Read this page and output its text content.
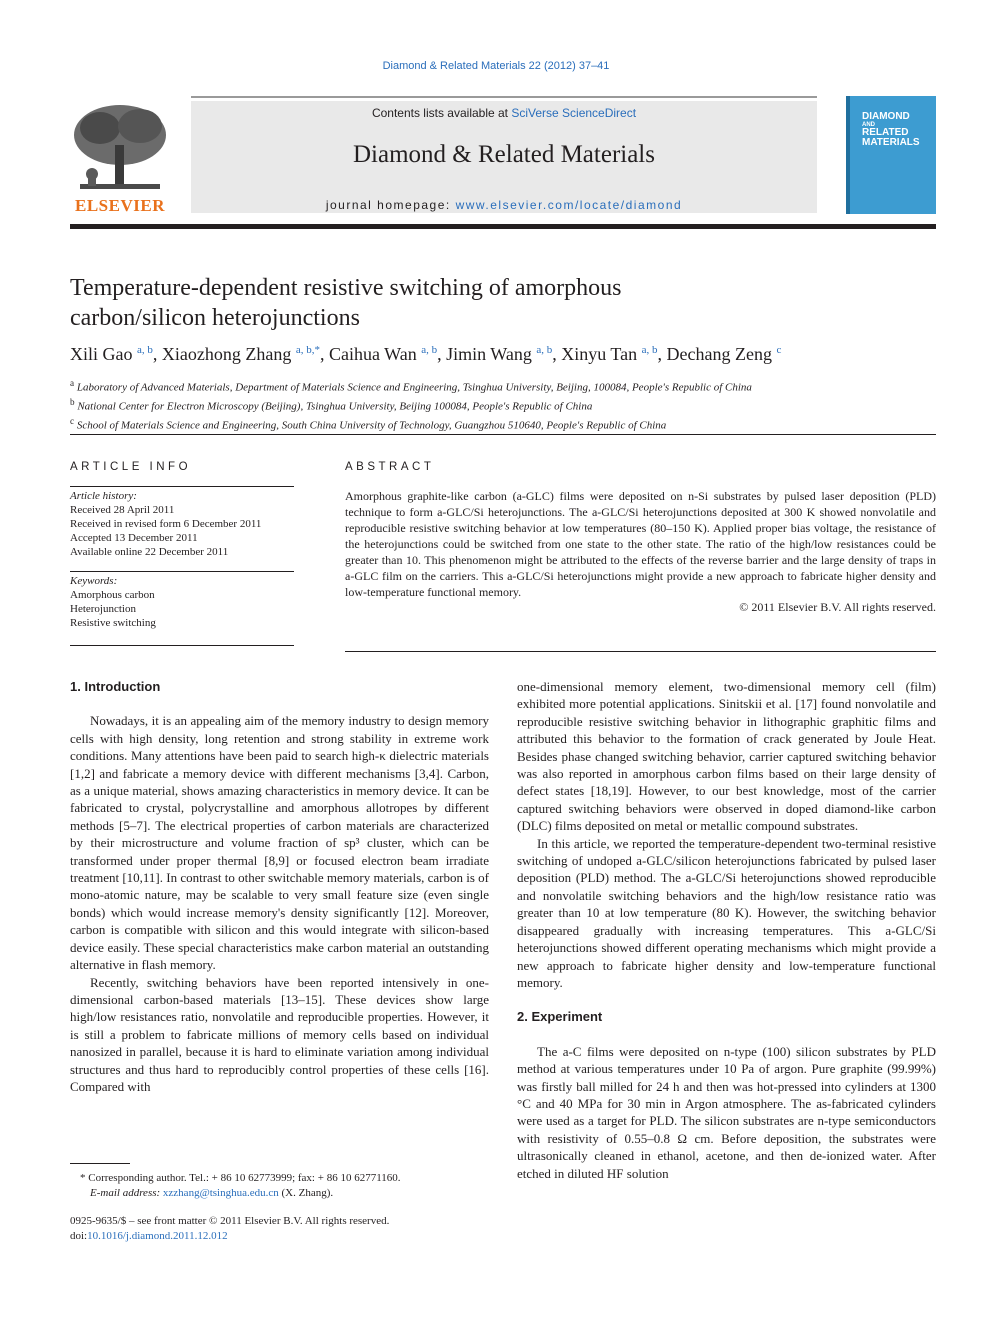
Diamond & Related Materials 22 (2012) 37–41
ELSEVIER
Contents lists available at SciVerse ScienceDirect
Diamond & Related Materials
journal homepage: www.elsevier.com/locate/diamond
DIAMOND
AND
RELATED
MATERIALS
Temperature-dependent resistive switching of amorphous
carbon/silicon heterojunctions
Xili Gao $^{a, b}$, Xiaozhong Zhang $^{a, b,*}$, Caihua Wan $^{a, b}$, Jimin Wang $^{a, b}$, Xinyu Tan $^{a, b}$, Dechang Zeng $^c$
$^a$ Laboratory of Advanced Materials, Department of Materials Science and Engineering, Tsinghua University, Beijing, 100084, People's Republic of China
$^b$ National Center for Electron Microscopy (Beijing), Tsinghua University, Beijing 100084, People's Republic of China
$^c$ School of Materials Science and Engineering, South China University of Technology, Guangzhou 510640, People's Republic of China
ARTICLE INFO
Article history:
Received 28 April 2011
Received in revised form 6 December 2011
Accepted 13 December 2011
Available online 22 December 2011
Keywords:
Amorphous carbon
Heterojunction
Resistive switching
ABSTRACT
Amorphous graphite-like carbon (a-GLC) films were deposited on n-Si substrates by pulsed laser deposition (PLD) technique to form a-GLC/Si heterojunctions. The a-GLC/Si heterojunctions deposited at 300 K showed nonvolatile and reproducible resistive switching behavior at low temperatures (80–150 K). Applied proper bias voltage, the resistance of the heterojunctions could be switched from one state to the other state. The ratio of the high/low resistances could be greater than 10. This phenomenon might be attributed to the effects of the reverse barrier and the large density of traps in a-GLC film on the carriers. This a-GLC/Si heterojunctions might provide a new approach to fabricate higher density and low-temperature functional memory.
© 2011 Elsevier B.V. All rights reserved.
1. Introduction

Nowadays, it is an appealing aim of the memory industry to design memory cells with high density, long retention and strong stability in extreme work conditions. Many attentions have been paid to search high-κ dielectric materials [1,2] and fabricate a memory device with different mechanisms [3,4]. Carbon, as a unique material, shows amazing characteristics in memory device. It can be fabricated to crystal, polycrystalline and amorphous allotropes by different methods [5–7]. The electrical properties of carbon materials are characterized by their microstructure and volume fraction of sp³ cluster, which can be transformed under proper thermal [8,9] or focused electron beam irradiate treatment [10,11]. In contrast to other switchable memory materials, carbon is of mono-atomic nature, may be scalable to very small feature size (even single bonds) which would increase memory's density significantly [12]. Moreover, carbon is compatible with silicon and this would integrate with silicon-based device easily. These special characteristics make carbon material an outstanding alternative in flash memory.

Recently, switching behaviors have been reported intensively in one-dimensional carbon-based materials [13–15]. These devices show large high/low resistances ratio, nonvolatile and reproducible properties. However, it is still a problem to fabricate millions of memory cells based on individual nanosized in parallel, because it is hard to eliminate variation among individual structures and thus hard to reproducibly control properties of these cells [16]. Compared with

one-dimensional memory element, two-dimensional memory cell (film) exhibited more potential applications. Sinitskii et al. [17] found nonvolatile and reproducible resistive switching behavior in lithographic graphitic films and attributed this behavior to the formation of crack generated by Joule Heat. Besides phase changed switching behavior, carrier captured switching behavior was also reported in amorphous carbon films based on their large density of defect states [18,19]. However, to our best knowledge, most of the carrier captured switching behaviors were observed in doped diamond-like carbon (DLC) films deposited on metal or metallic compound substrates.

In this article, we reported the temperature-dependent two-terminal resistive switching of undoped a-GLC/silicon heterojunctions fabricated by pulsed laser deposition (PLD) method. The a-GLC/Si heterojunctions showed reproducible and nonvolatile switching behaviors and the high/low resistance ratio was greater than 10 at low temperature (80 K). However, the switching behavior disappeared gradually with increasing temperatures. This a-GLC/Si heterojunctions showed different operating mechanisms which might provide a new approach to fabricate higher density and low-temperature functional memory.

2. Experiment

The a-C films were deposited on n-type (100) silicon substrates by PLD method at various temperatures under 10 Pa of argon. Pure graphite (99.99%) was firstly ball milled for 24 h and then was hot-pressed into cylinders at 1300 °C and 40 MPa for 30 min in Argon atmosphere. The as-fabricated cylinders were used as a target for PLD. The silicon substrates are n-type semiconductors with resistivity of 0.55–0.8 Ω cm. Before deposition, the substrates were ultrasonically cleaned in ethanol, acetone, and then de-ionized water. After etched in diluted HF solution

* Corresponding author. Tel.: + 86 10 62773999; fax: + 86 10 62771160.
E-mail address: xzzhang@tsinghua.edu.cn (X. Zhang).
0925-9635/$ – see front matter © 2011 Elsevier B.V. All rights reserved.
doi:10.1016/j.diamond.2011.12.012
